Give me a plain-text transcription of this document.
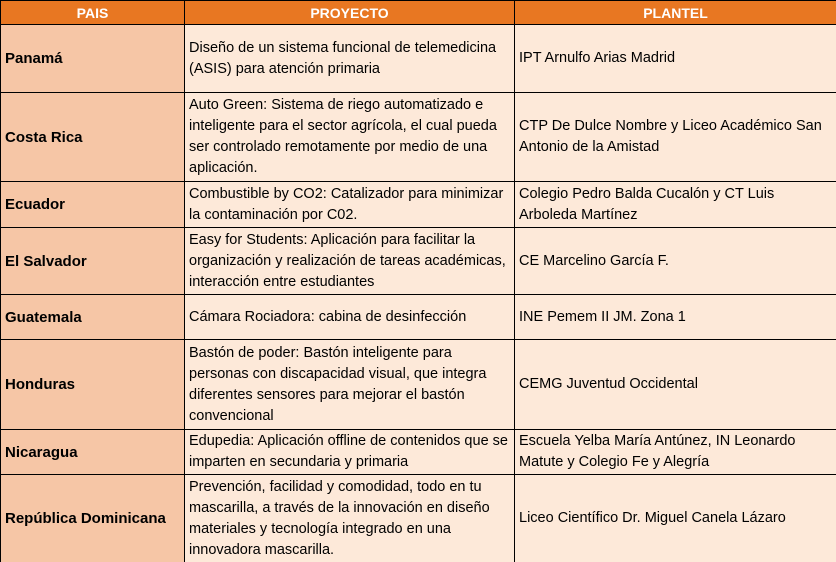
PAIS	PROYECTO	PLANTEL
Panamá	Diseño de un sistema funcional de telemedicina (ASIS) para atención primaria	IPT Arnulfo Arias Madrid
Costa Rica	Auto Green: Sistema de riego automatizado e inteligente para el sector agrícola, el cual pueda ser controlado remotamente por medio de una aplicación.	CTP De Dulce Nombre y Liceo Académico San Antonio de la Amistad
Ecuador	Combustible by CO2: Catalizador para minimizar la contaminación por C02.	Colegio Pedro Balda Cucalón y CT Luis Arboleda Martínez
El Salvador	Easy for Students: Aplicación para facilitar la organización y realización de tareas académicas, interacción entre estudiantes	CE Marcelino García F.
Guatemala	Cámara Rociadora: cabina de desinfección	INE Pemem II JM. Zona 1
Honduras	Bastón de poder: Bastón inteligente para personas con discapacidad visual, que integra diferentes sensores para mejorar el bastón convencional	CEMG Juventud Occidental
Nicaragua	Edupedia: Aplicación offline de contenidos que se imparten en secundaria y primaria	Escuela Yelba María Antúnez, IN Leonardo Matute y Colegio Fe y Alegría
República Dominicana	Prevención, facilidad y comodidad, todo en tu mascarilla, a través de la innovación en diseño materiales y tecnología integrado en una innovadora mascarilla.	Liceo Científico Dr. Miguel Canela Lázaro
